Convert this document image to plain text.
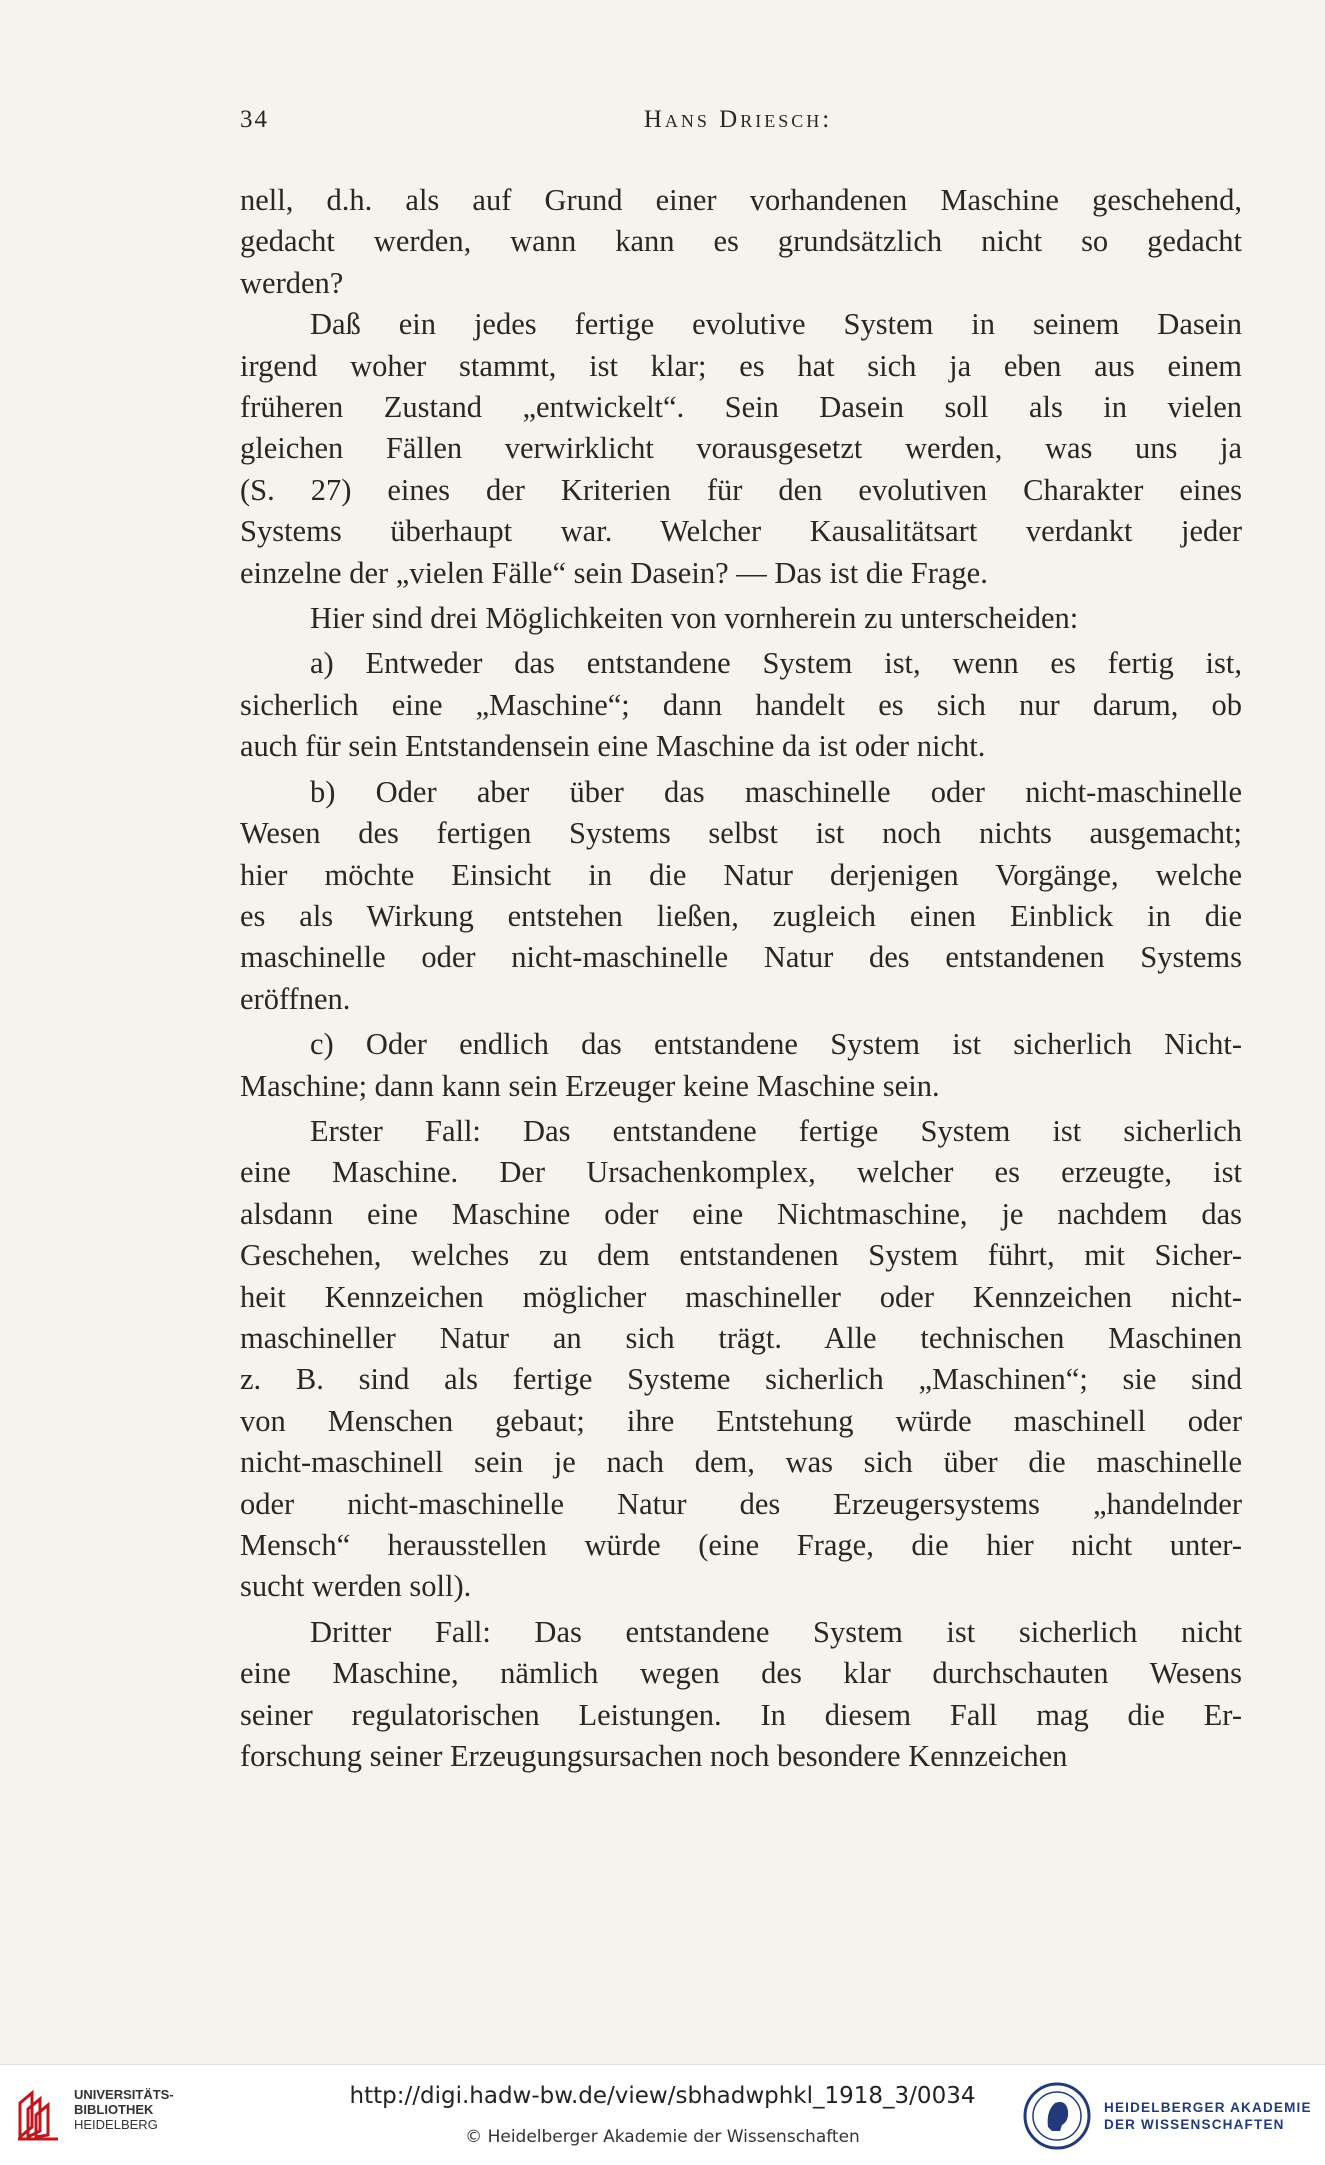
34	Hans Driesch:
nell, d.h. als auf Grund einer vorhandenen Maschine geschehend,
gedacht werden, wann kann es grundsätzlich nicht so gedacht
werden?
Daß ein jedes fertige evolutive System in seinem Dasein
irgend woher stammt, ist klar; es hat sich ja eben aus einem
früheren Zustand „entwickelt“. Sein Dasein soll als in vielen
gleichen Fällen verwirklicht vorausgesetzt werden, was uns ja
(S. 27) eines der Kriterien für den evolutiven Charakter eines
Systems überhaupt war. Welcher Kausalitätsart verdankt jeder
einzelne der „vielen Fälle“ sein Dasein? — Das ist die Frage.
Hier sind drei Möglichkeiten von vornherein zu unterscheiden:
a) Entweder das entstandene System ist, wenn es fertig ist,
sicherlich eine „Maschine“; dann handelt es sich nur darum, ob
auch für sein Entstandensein eine Maschine da ist oder nicht.
b) Oder aber über das maschinelle oder nicht-maschinelle
Wesen des fertigen Systems selbst ist noch nichts ausgemacht;
hier möchte Einsicht in die Natur derjenigen Vorgänge, welche
es als Wirkung entstehen ließen, zugleich einen Einblick in die
maschinelle oder nicht-maschinelle Natur des entstandenen Systems
eröffnen.
c) Oder endlich das entstandene System ist sicherlich Nicht-
Maschine; dann kann sein Erzeuger keine Maschine sein.
Erster Fall: Das entstandene fertige System ist sicherlich
eine Maschine. Der Ursachenkomplex, welcher es erzeugte, ist
alsdann eine Maschine oder eine Nichtmaschine, je nachdem das
Geschehen, welches zu dem entstandenen System führt, mit Sicher-
heit Kennzeichen möglicher maschineller oder Kennzeichen nicht-
maschineller Natur an sich trägt. Alle technischen Maschinen
z. B. sind als fertige Systeme sicherlich „Maschinen“; sie sind
von Menschen gebaut; ihre Entstehung würde maschinell oder
nicht-maschinell sein je nach dem, was sich über die maschinelle
oder nicht-maschinelle Natur des Erzeugersystems „handelnder
Mensch“ herausstellen würde (eine Frage, die hier nicht unter-
sucht werden soll).
Dritter Fall: Das entstandene System ist sicherlich nicht
eine Maschine, nämlich wegen des klar durchschauten Wesens
seiner regulatorischen Leistungen. In diesem Fall mag die Er-
forschung seiner Erzeugungsursachen noch besondere Kennzeichen
UNIVERSITÄTS-
BIBLIOTHEK
HEIDELBERG
http://digi.hadw-bw.de/view/sbhadwphkl_1918_3/0034
© Heidelberger Akademie der Wissenschaften
HEIDELBERGER AKADEMIE
DER WISSENSCHAFTEN
